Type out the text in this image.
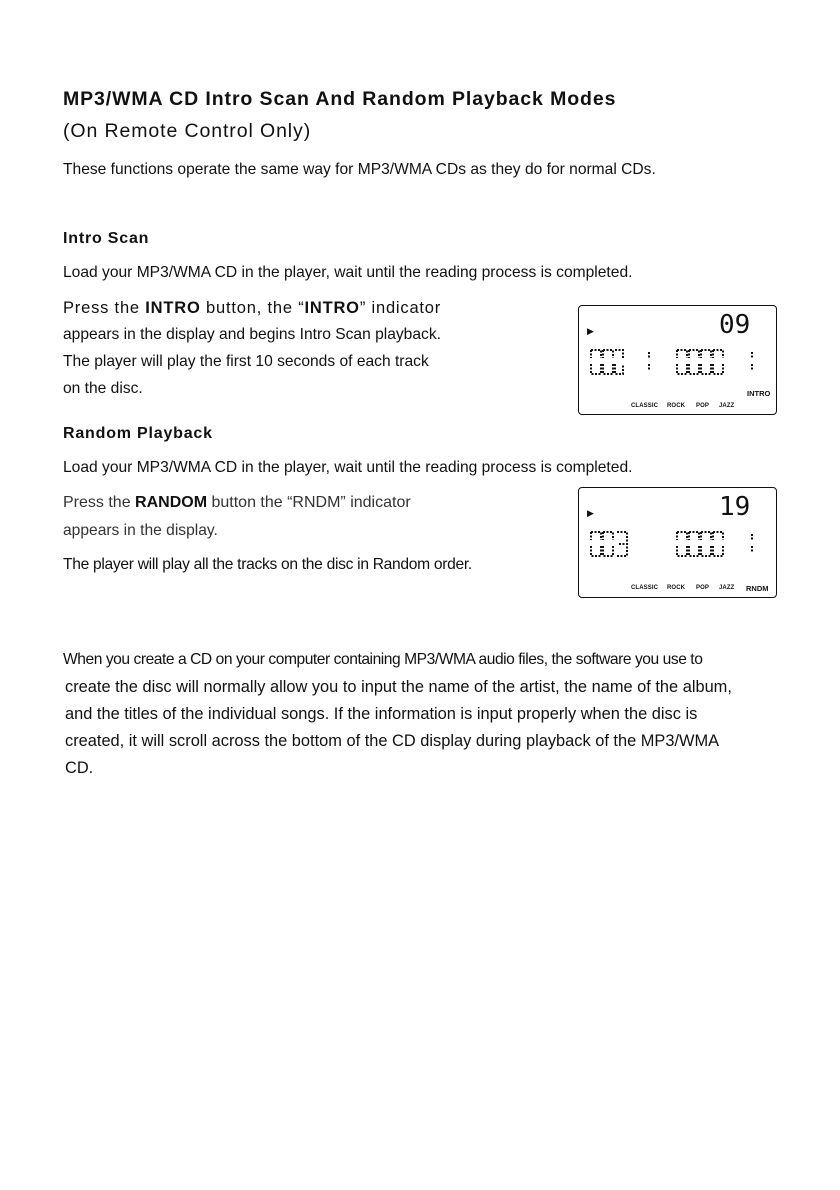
MP3/WMA CD Intro Scan And Random Playback Modes
(On Remote Control Only)
These functions operate the same way for MP3/WMA CDs as they do for normal CDs.
Intro Scan
Load your MP3/WMA CD in the player, wait until the reading process is completed.
Press the INTRO button, the “INTRO” indicator
appears in the display and begins Intro Scan playback.
The player will play the first 10 seconds of each track
on the disc.
▶	09
INTRO
CLASSIC ROCK POP JAZZ
Random Playback
Load your MP3/WMA CD in the player, wait until the reading process is completed.
Press the RANDOM button the “RNDM” indicator
appears in the display.
The player will play all the tracks on the disc in Random order.
▶	19
RNDM
CLASSIC ROCK POP JAZZ
When you create a CD on your computer containing MP3/WMA audio files, the software you use to
create the disc will normally allow you to input the name of the artist, the name of the album,
and the titles of the individual songs. If the information is input properly when the disc is
created, it will scroll across the bottom of the CD display during playback of the MP3/WMA
CD.
